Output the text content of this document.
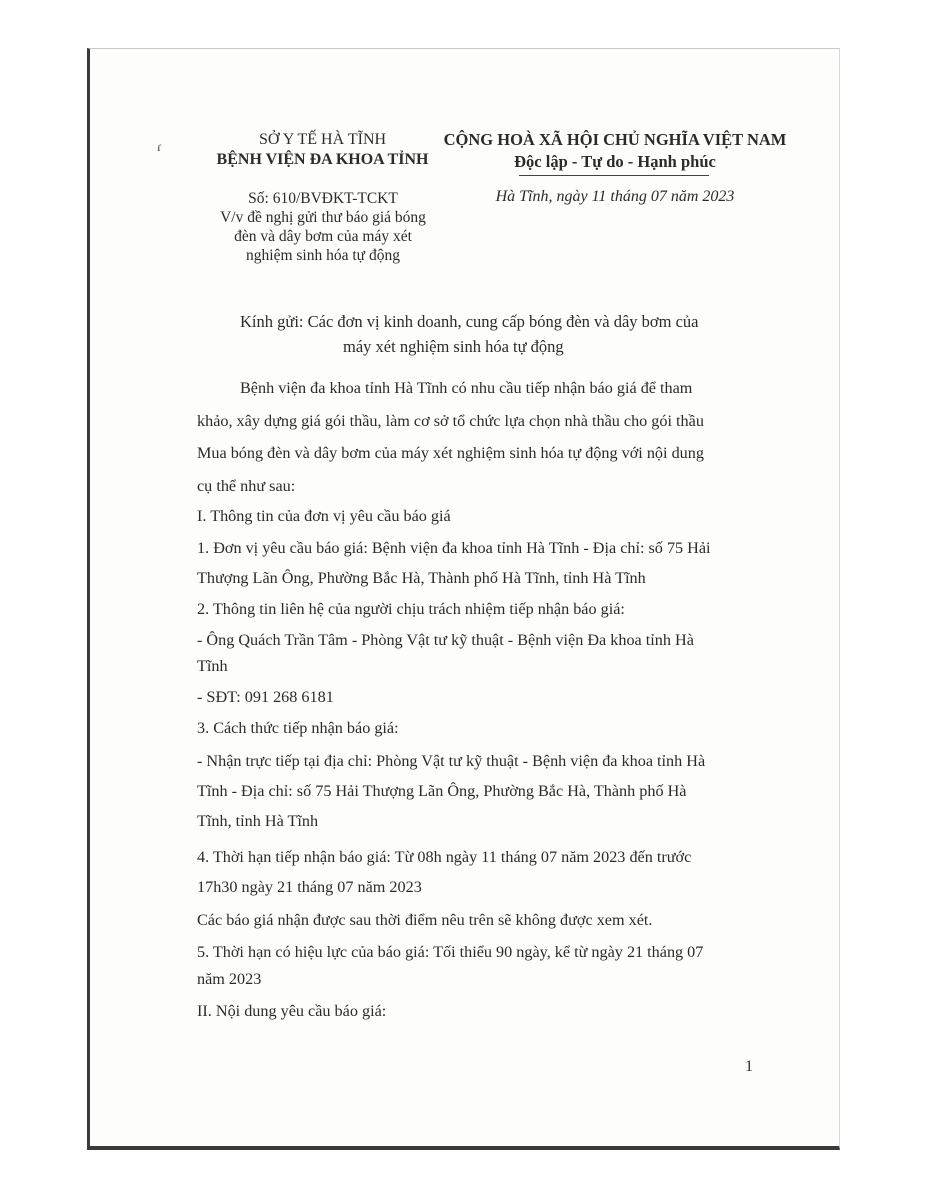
ɾ	SỞ Y TẾ HÀ TĨNH
BỆNH VIỆN ĐA KHOA TỈNH
Số: 610/BVĐKT-TCKT
V/v đề nghị gửi thư báo giá bóng
đèn và dây bơm của máy xét
nghiệm sinh hóa tự động
CỘNG HOÀ XÃ HỘI CHỦ NGHĨA VIỆT NAM
Độc lập - Tự do - Hạnh phúc
Hà Tĩnh, ngày 11 tháng 07 năm 2023
Kính gửi: Các đơn vị kinh doanh, cung cấp bóng đèn và dây bơm của
máy xét nghiệm sinh hóa tự động
Bệnh viện đa khoa tỉnh Hà Tĩnh có nhu cầu tiếp nhận báo giá để tham
khảo, xây dựng giá gói thầu, làm cơ sở tổ chức lựa chọn nhà thầu cho gói thầu
Mua bóng đèn và dây bơm của máy xét nghiệm sinh hóa tự động với nội dung
cụ thể như sau:
I. Thông tin của đơn vị yêu cầu báo giá
1. Đơn vị yêu cầu báo giá: Bệnh viện đa khoa tỉnh Hà Tĩnh - Địa chỉ: số 75 Hải
Thượng Lãn Ông, Phường Bắc Hà, Thành phố Hà Tĩnh, tỉnh Hà Tĩnh
2. Thông tin liên hệ của người chịu trách nhiệm tiếp nhận báo giá:
- Ông Quách Trần Tâm - Phòng Vật tư kỹ thuật - Bệnh viện Đa khoa tỉnh Hà
Tĩnh
- SĐT: 091 268 6181
3. Cách thức tiếp nhận báo giá:
- Nhận trực tiếp tại địa chỉ: Phòng Vật tư kỹ thuật - Bệnh viện đa khoa tỉnh Hà
Tĩnh - Địa chỉ: số 75 Hải Thượng Lãn Ông, Phường Bắc Hà, Thành phố Hà
Tĩnh, tỉnh Hà Tĩnh
4. Thời hạn tiếp nhận báo giá: Từ 08h ngày 11 tháng 07 năm 2023 đến trước
17h30 ngày 21 tháng 07 năm 2023
Các báo giá nhận được sau thời điểm nêu trên sẽ không được xem xét.
5. Thời hạn có hiệu lực của báo giá: Tối thiểu 90 ngày, kể từ ngày 21 tháng 07
năm 2023
II. Nội dung yêu cầu báo giá:
1
